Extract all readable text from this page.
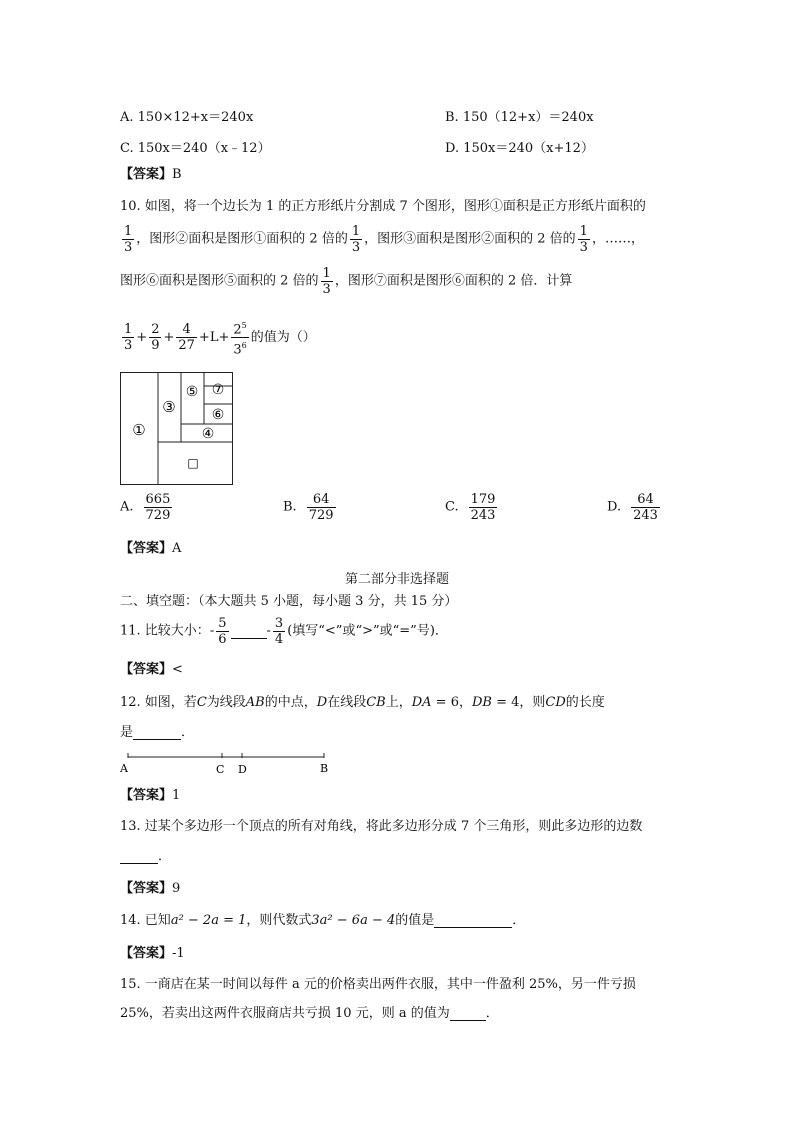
A. 150×12+x＝240x	B. 150（12+x）＝240x
C. 150x＝240（x﹣12）	D. 150x＝240（x+12）
【答案】B
10. 如图，将一个边长为 1 的正方形纸片分割成 7 个图形，图形①面积是正方形纸片面积的
$\frac{1}{3}$ ，图形②面积是图形①面积的 2 倍的 $\frac{1}{3}$ ，图形③面积是图形②面积的 2 倍的 $\frac{1}{3}$ ，……，
图形⑥面积是图形⑤面积的 2 倍的 $\frac{1}{3}$ ，图形⑦面积是图形⑥面积的 2 倍．计算
$\frac{1}{3} + \frac{2}{9} + \frac{4}{27} +L+ \frac{2^5}{3^6}$ 的值为（）
①
③
⑤ ⑦
⑥
④
□
A. $\frac{665}{729}$	B. $\frac{64}{729}$	C. $\frac{179}{243}$	D. $\frac{64}{243}$
【答案】A
第二部分非选择题
二、填空题：（本大题共 5 小题，每小题 3 分，共 15 分）
11. 比较大小：- $\frac{5}{6}$	- $\frac{3}{4}$ (填写“<”或“>”或“=”号)．
【答案】<
12. 如图，若C为线段AB的中点，D在线段CB上，DA = 6，DB = 4，则CD的长度
是	．
A	C D	B
【答案】1
13. 过某个多边形一个顶点的所有对角线，将此多边形分成 7 个三角形，则此多边形的边数
．
【答案】9
14. 已知a² − 2a = 1，则代数式3a² − 6a − 4的值是	．
【答案】-1
15. 一商店在某一时间以每件 a 元的价格卖出两件衣服，其中一件盈利 25%，另一件亏损
25%，若卖出这两件衣服商店共亏损 10 元，则 a 的值为	．
